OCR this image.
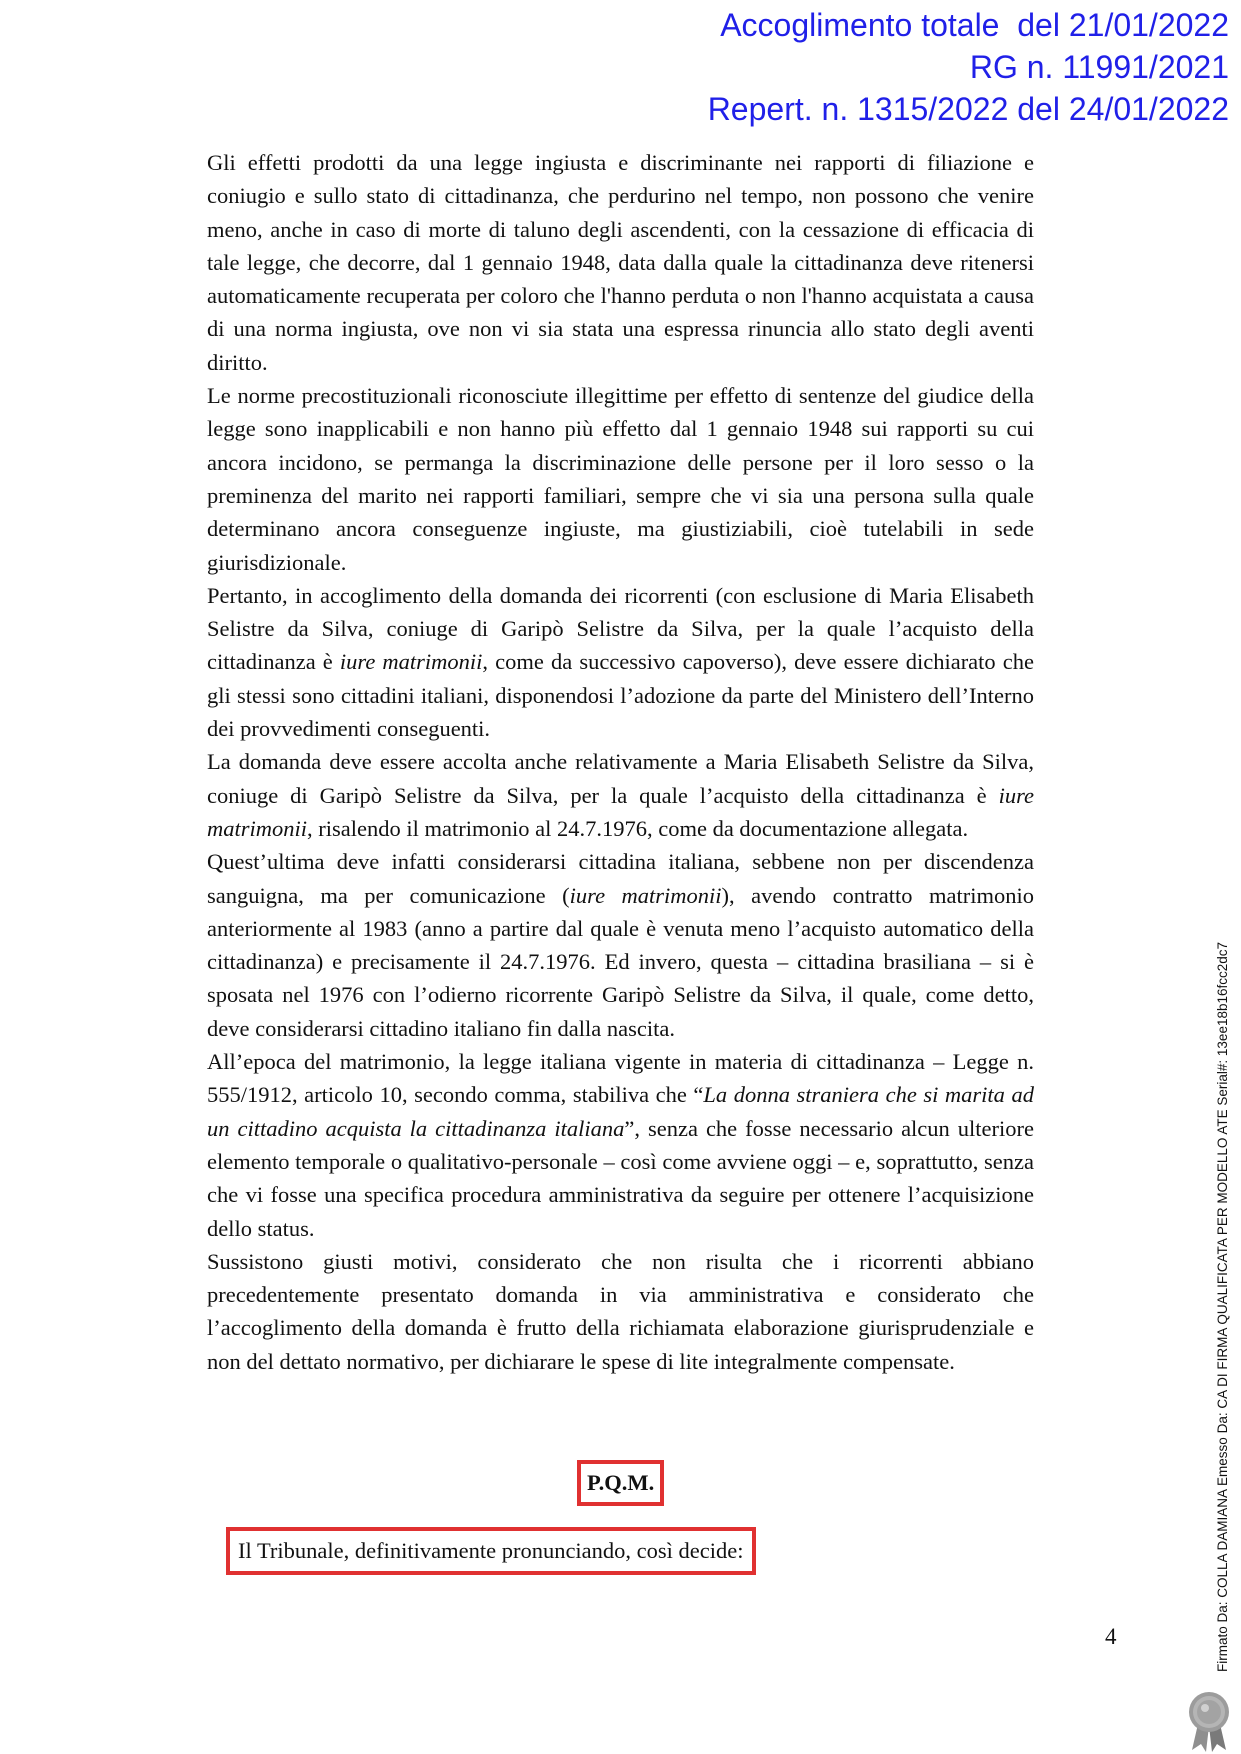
Accoglimento totale  del 21/01/2022
RG n. 11991/2021
Repert. n. 1315/2022 del 24/01/2022

Gli effetti prodotti da una legge ingiusta e discriminante nei rapporti di filiazione e coniugio e sullo stato di cittadinanza, che perdurino nel tempo, non possono che venire meno, anche in caso di morte di taluno degli ascendenti, con la cessazione di efficacia di tale legge, che decorre, dal 1 gennaio 1948, data dalla quale la cittadinanza deve ritenersi automaticamente recuperata per coloro che l'hanno perduta o non l'hanno acquistata a causa di una norma ingiusta, ove non vi sia stata una espressa rinuncia allo stato degli aventi diritto.

Le norme precostituzionali riconosciute illegittime per effetto di sentenze del giudice della legge sono inapplicabili e non hanno più effetto dal 1 gennaio 1948 sui rapporti su cui ancora incidono, se permanga la discriminazione delle persone per il loro sesso o la preminenza del marito nei rapporti familiari, sempre che vi sia una persona sulla quale determinano ancora conseguenze ingiuste, ma giustiziabili, cioè tutelabili in sede giurisdizionale.

Pertanto, in accoglimento della domanda dei ricorrenti (con esclusione di Maria Elisabeth Selistre da Silva, coniuge di Garipò Selistre da Silva, per la quale l’acquisto della cittadinanza è iure matrimonii, come da successivo capoverso), deve essere dichiarato che gli stessi sono cittadini italiani, disponendosi l’adozione da parte del Ministero dell’Interno dei provvedimenti conseguenti.

La domanda deve essere accolta anche relativamente a Maria Elisabeth Selistre da Silva, coniuge di Garipò Selistre da Silva, per la quale l’acquisto della cittadinanza è iure matrimonii, risalendo il matrimonio al 24.7.1976, come da documentazione allegata.

Quest’ultima deve infatti considerarsi cittadina italiana, sebbene non per discendenza sanguigna, ma per comunicazione (iure matrimonii), avendo contratto matrimonio anteriormente al 1983 (anno a partire dal quale è venuta meno l’acquisto automatico della cittadinanza) e precisamente il 24.7.1976. Ed invero, questa – cittadina brasiliana – si è sposata nel 1976 con l’odierno ricorrente Garipò Selistre da Silva, il quale, come detto, deve considerarsi cittadino italiano fin dalla nascita.

All’epoca del matrimonio, la legge italiana vigente in materia di cittadinanza – Legge n. 555/1912, articolo 10, secondo comma, stabiliva che “La donna straniera che si marita ad un cittadino acquista la cittadinanza italiana”, senza che fosse necessario alcun ulteriore elemento temporale o qualitativo-personale – così come avviene oggi – e, soprattutto, senza che vi fosse una specifica procedura amministrativa da seguire per ottenere l’acquisizione dello status.

Sussistono giusti motivi, considerato che non risulta che i ricorrenti abbiano precedentemente presentato domanda in via amministrativa e considerato che l’accoglimento della domanda è frutto della richiamata elaborazione giurisprudenziale e non del dettato normativo, per dichiarare le spese di lite integralmente compensate.

P.Q.M.
Il Tribunale, definitivamente pronunciando, così decide:
4	Firmato Da: COLLA DAMIANA Emesso Da: CA DI FIRMA QUALIFICATA PER MODELLO ATE Serial#: 13ee18b16fcc2dc7
